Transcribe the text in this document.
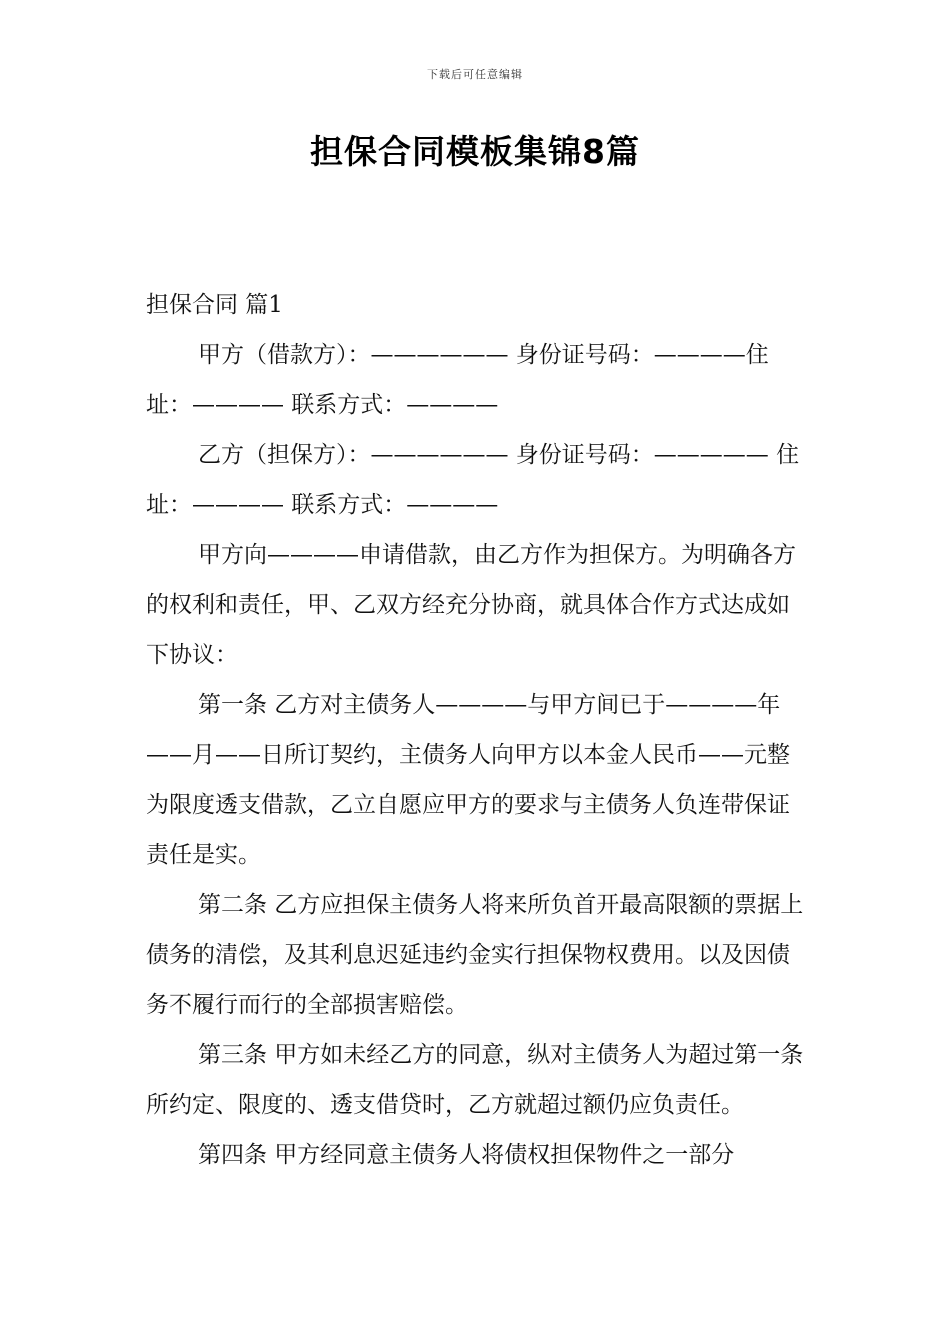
下载后可任意编辑
担保合同模板集锦8篇

担保合同 篇1

甲方（借款方）：—————— 身份证号码：————住址：———— 联系方式：————

乙方（担保方）：—————— 身份证号码：————— 住址：———— 联系方式：————

甲方向————申请借款，由乙方作为担保方。为明确各方的权利和责任，甲、乙双方经充分协商，就具体合作方式达成如下协议：

第一条 乙方对主债务人————与甲方间已于————年——月——日所订契约，主债务人向甲方以本金人民币——元整为限度透支借款，乙立自愿应甲方的要求与主债务人负连带保证责任是实。

第二条 乙方应担保主债务人将来所负首开最高限额的票据上债务的清偿，及其利息迟延违约金实行担保物权费用。以及因债务不履行而行的全部损害赔偿。

第三条 甲方如未经乙方的同意，纵对主债务人为超过第一条所约定、限度的、透支借贷时，乙方就超过额仍应负责任。

第四条 甲方经同意主债务人将债权担保物件之一部分
